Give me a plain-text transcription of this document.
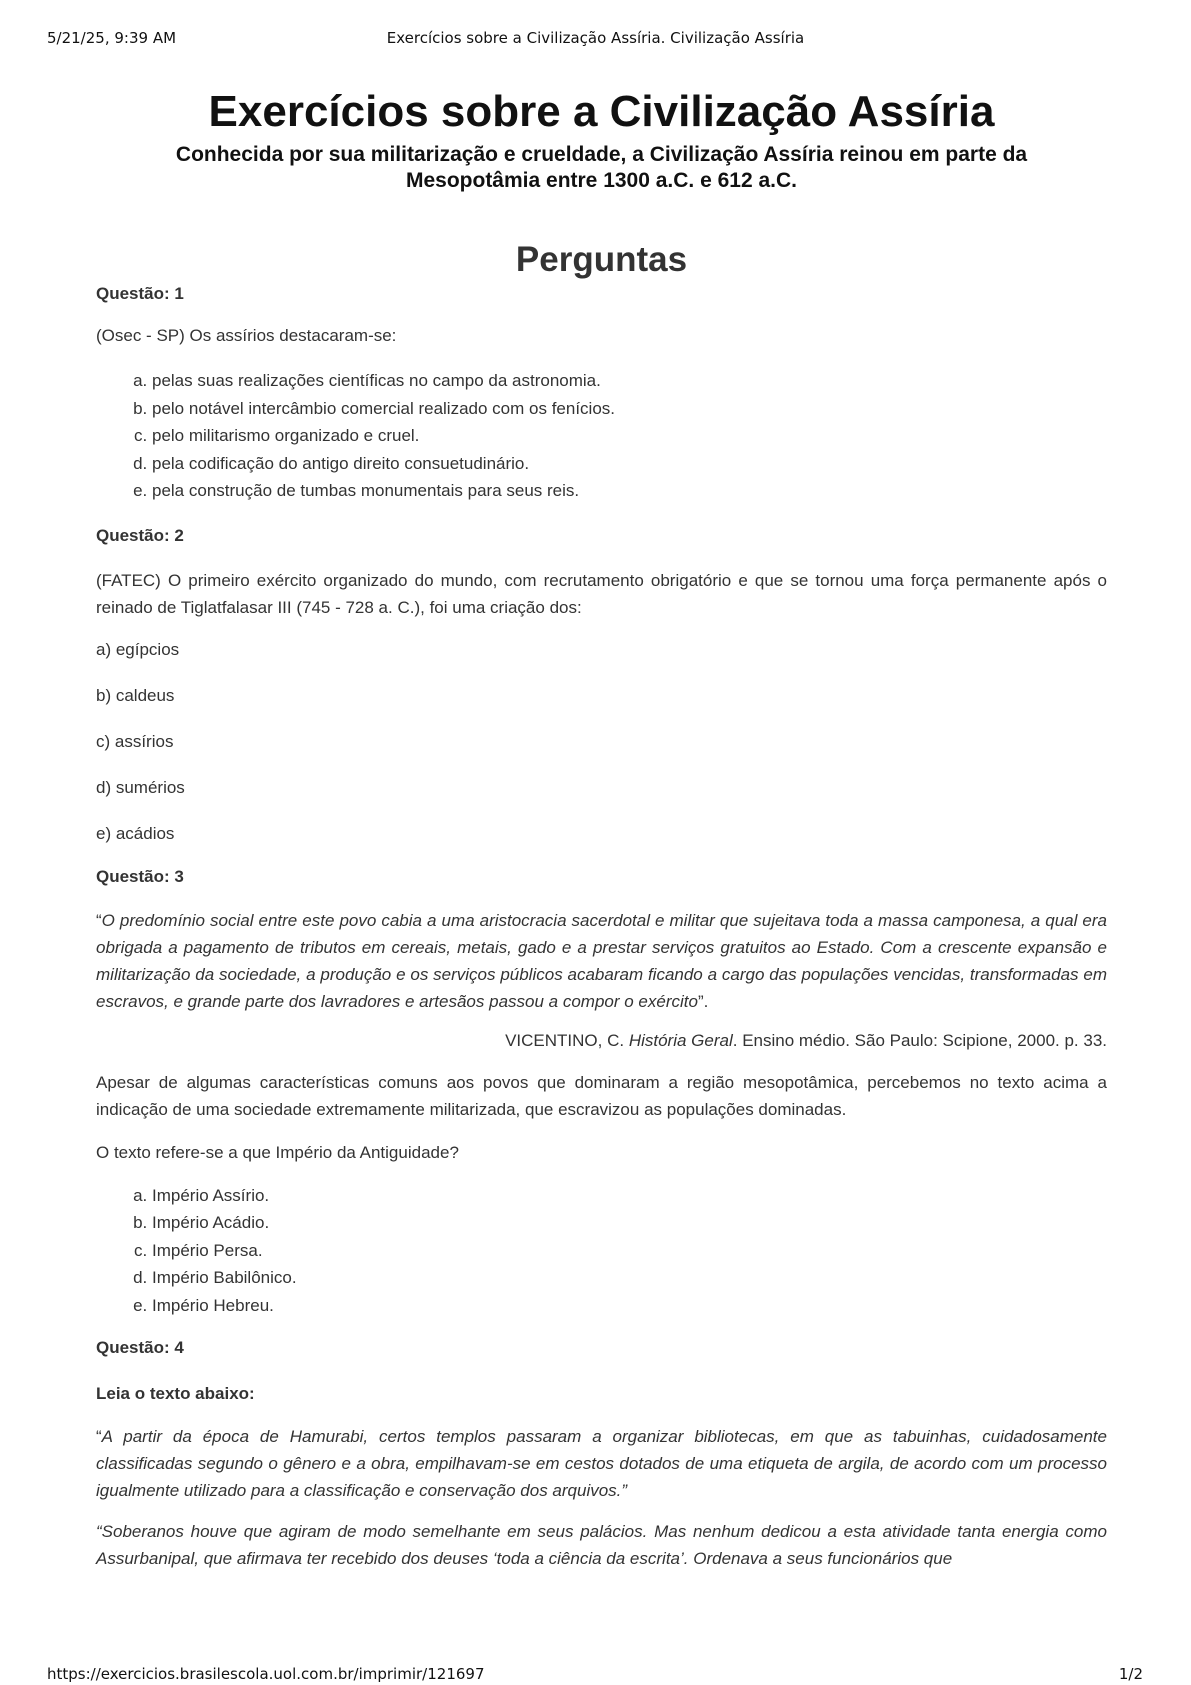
5/21/25, 9:39 AM	Exercícios sobre a Civilização Assíria. Civilização Assíria
Exercícios sobre a Civilização Assíria
Conhecida por sua militarização e crueldade, a Civilização Assíria reinou em parte da Mesopotâmia entre 1300 a.C. e 612 a.C.
Perguntas
Questão: 1

(Osec - SP) Os assírios destacaram-se:

a. pelas suas realizações científicas no campo da astronomia.
b. pelo notável intercâmbio comercial realizado com os fenícios.
c. pelo militarismo organizado e cruel.
d. pela codificação do antigo direito consuetudinário.
e. pela construção de tumbas monumentais para seus reis.
Questão: 2

(FATEC) O primeiro exército organizado do mundo, com recrutamento obrigatório e que se tornou uma força permanente após o reinado de Tiglatfalasar III (745 - 728 a. C.), foi uma criação dos:

a) egípcios
b) caldeus
c) assírios
d) sumérios
e) acádios
Questão: 3

“O predomínio social entre este povo cabia a uma aristocracia sacerdotal e militar que sujeitava toda a massa camponesa, a qual era obrigada a pagamento de tributos em cereais, metais, gado e a prestar serviços gratuitos ao Estado. Com a crescente expansão e militarização da sociedade, a produção e os serviços públicos acabaram ficando a cargo das populações vencidas, transformadas em escravos, e grande parte dos lavradores e artesãos passou a compor o exército”.

VICENTINO, C. História Geral. Ensino médio. São Paulo: Scipione, 2000. p. 33.

Apesar de algumas características comuns aos povos que dominaram a região mesopotâmica, percebemos no texto acima a indicação de uma sociedade extremamente militarizada, que escravizou as populações dominadas.

O texto refere-se a que Império da Antiguidade?

a. Império Assírio.
b. Império Acádio.
c. Império Persa.
d. Império Babilônico.
e. Império Hebreu.
Questão: 4
Leia o texto abaixo:

“A partir da época de Hamurabi, certos templos passaram a organizar bibliotecas, em que as tabuinhas, cuidadosamente classificadas segundo o gênero e a obra, empilhavam-se em cestos dotados de uma etiqueta de argila, de acordo com um processo igualmente utilizado para a classificação e conservação dos arquivos.”

“Soberanos houve que agiram de modo semelhante em seus palácios. Mas nenhum dedicou a esta atividade tanta energia como Assurbanipal, que afirmava ter recebido dos deuses ‘toda a ciência da escrita’. Ordenava a seus funcionários que

https://exercicios.brasilescola.uol.com.br/imprimir/121697	1/2
